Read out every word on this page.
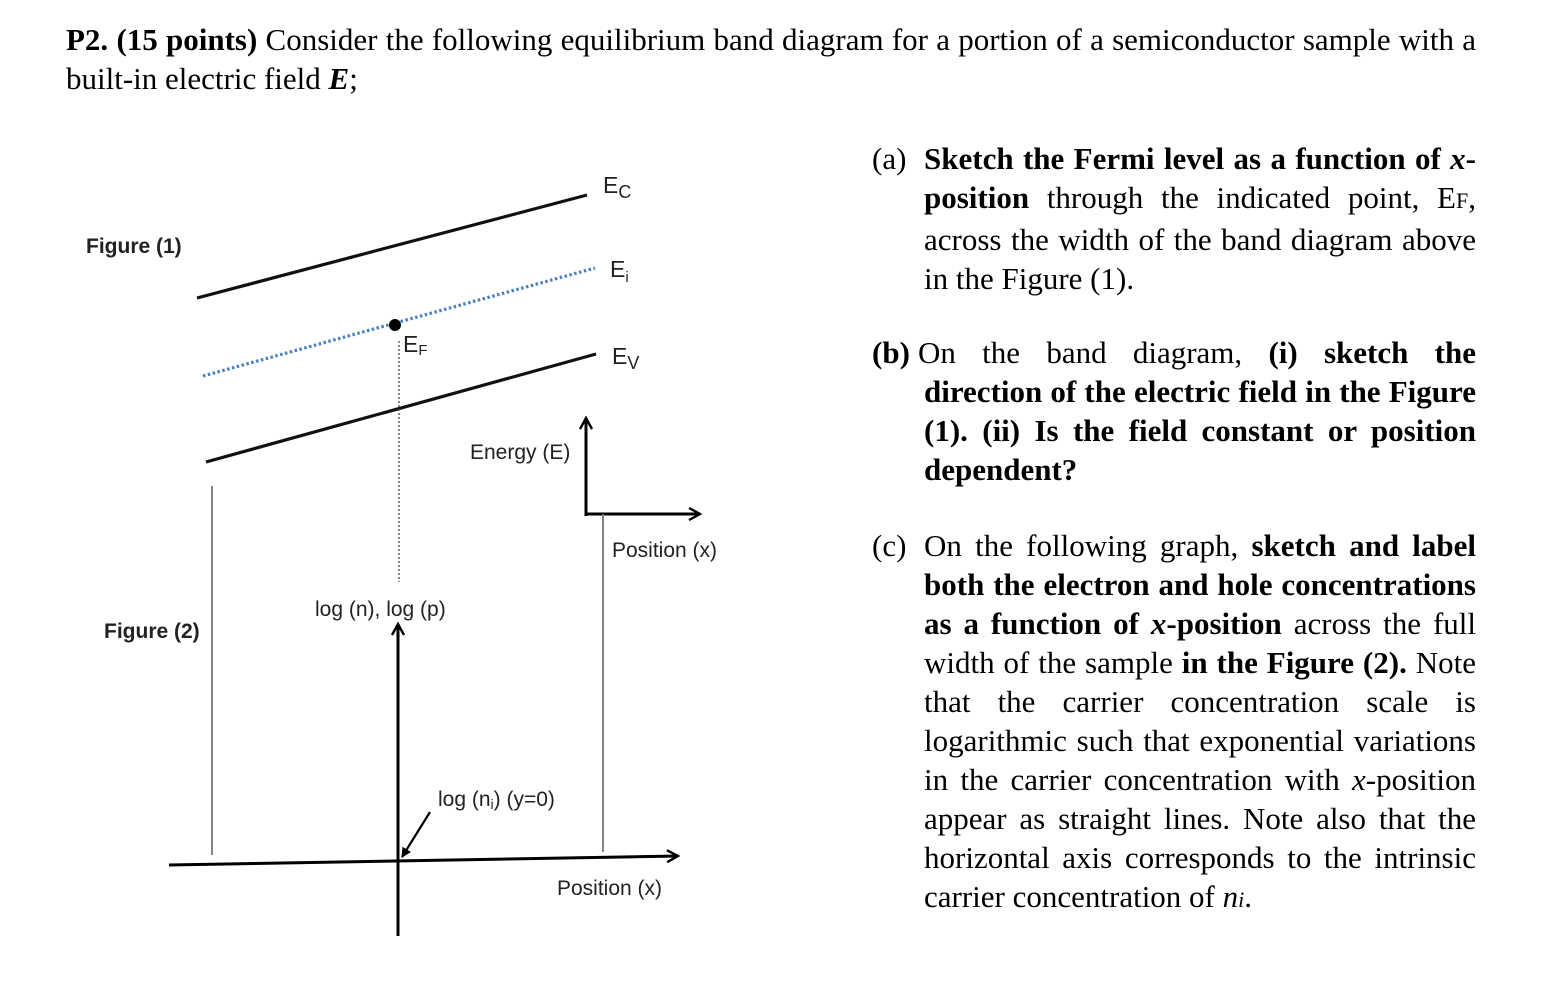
P2. (15 points) Consider the following equilibrium band diagram for a portion of a semiconductor sample with a built-in electric field E;
Figure (1)
$E_C$
$E_i$
$E_V$
EF
Energy (E)
Position (x)
Figure (2)
log (n), log (p)
log (ni) (y=0)
Position (x)
(a) Sketch the Fermi level as a function of x-position through the indicated point, EF, across the width of the band diagram above in the Figure (1).
(b) On the band diagram, (i) sketch the direction of the electric field in the Figure (1). (ii) Is the field constant or position dependent?
(c) On the following graph, sketch and label both the electron and hole concentrations as a function of x-position across the full width of the sample in the Figure (2). Note that the carrier concentration scale is logarithmic such that exponential variations in the carrier concentration with x-position appear as straight lines. Note also that the horizontal axis corresponds to the intrinsic carrier concentration of ni.
